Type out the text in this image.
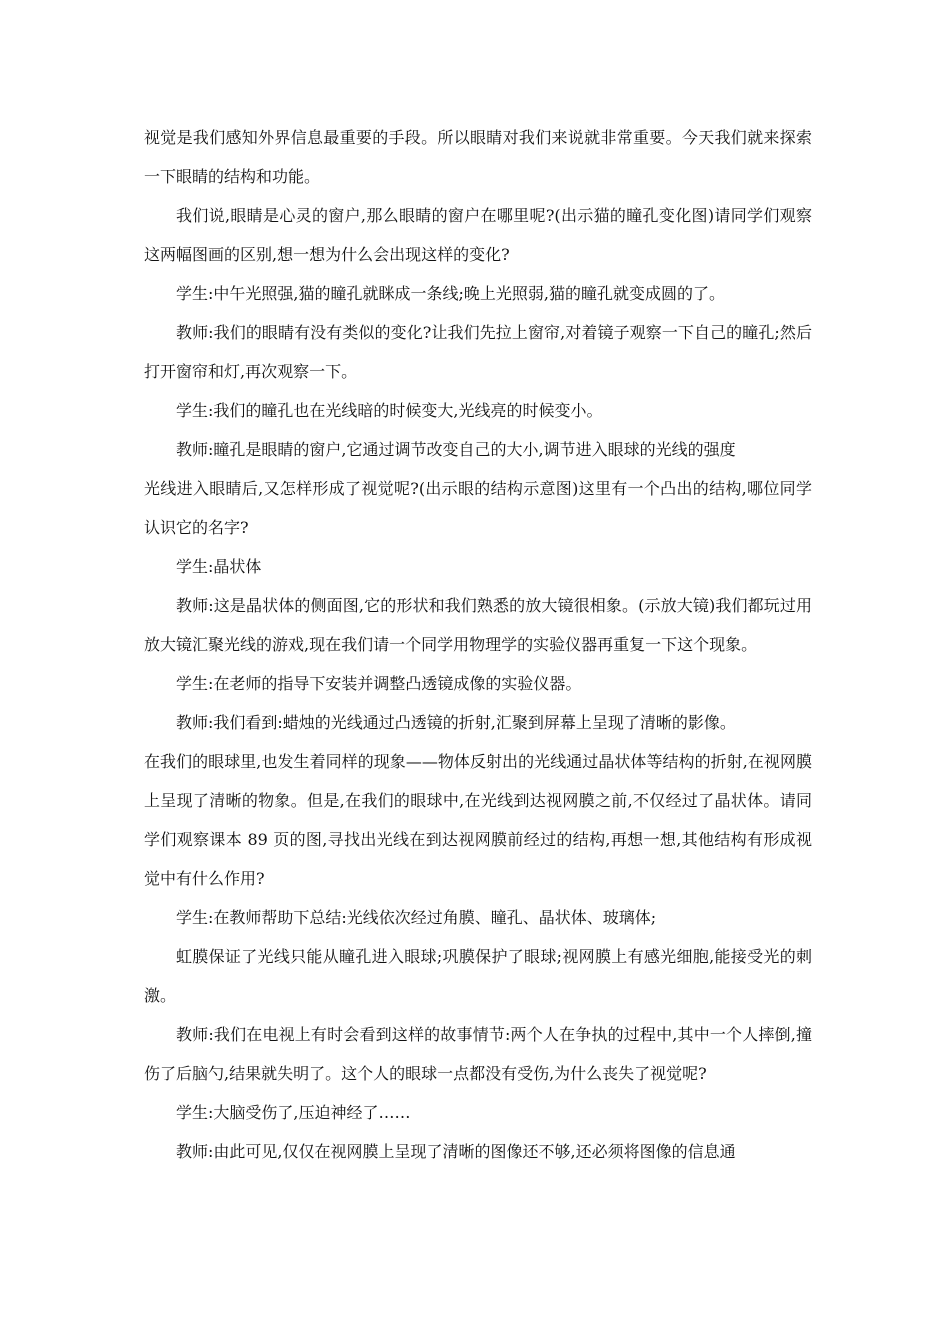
视觉是我们感知外界信息最重要的手段。所以眼睛对我们来说就非常重要。今天我们就来探索一下眼睛的结构和功能。

我们说,眼睛是心灵的窗户,那么眼睛的窗户在哪里呢?(出示猫的瞳孔变化图)请同学们观察这两幅图画的区别,想一想为什么会出现这样的变化?

学生:中午光照强,猫的瞳孔就眯成一条线;晚上光照弱,猫的瞳孔就变成圆的了。

教师:我们的眼睛有没有类似的变化?让我们先拉上窗帘,对着镜子观察一下自己的瞳孔;然后打开窗帘和灯,再次观察一下。

学生:我们的瞳孔也在光线暗的时候变大,光线亮的时候变小。

教师:瞳孔是眼睛的窗户,它通过调节改变自己的大小,调节进入眼球的光线的强度

光线进入眼睛后,又怎样形成了视觉呢?(出示眼的结构示意图)这里有一个凸出的结构,哪位同学认识它的名字?

学生:晶状体

教师:这是晶状体的侧面图,它的形状和我们熟悉的放大镜很相象。(示放大镜)我们都玩过用放大镜汇聚光线的游戏,现在我们请一个同学用物理学的实验仪器再重复一下这个现象。

学生:在老师的指导下安装并调整凸透镜成像的实验仪器。

教师:我们看到:蜡烛的光线通过凸透镜的折射,汇聚到屏幕上呈现了清晰的影像。

在我们的眼球里,也发生着同样的现象——物体反射出的光线通过晶状体等结构的折射,在视网膜上呈现了清晰的物象。但是,在我们的眼球中,在光线到达视网膜之前,不仅经过了晶状体。请同学们观察课本 89 页的图,寻找出光线在到达视网膜前经过的结构,再想一想,其他结构有形成视觉中有什么作用?

学生:在教师帮助下总结:光线依次经过角膜、瞳孔、晶状体、玻璃体;

虹膜保证了光线只能从瞳孔进入眼球;巩膜保护了眼球;视网膜上有感光细胞,能接受光的刺激。

教师:我们在电视上有时会看到这样的故事情节:两个人在争执的过程中,其中一个人摔倒,撞伤了后脑勺,结果就失明了。这个人的眼球一点都没有受伤,为什么丧失了视觉呢?

学生:大脑受伤了,压迫神经了……

教师:由此可见,仅仅在视网膜上呈现了清晰的图像还不够,还必须将图像的信息通
